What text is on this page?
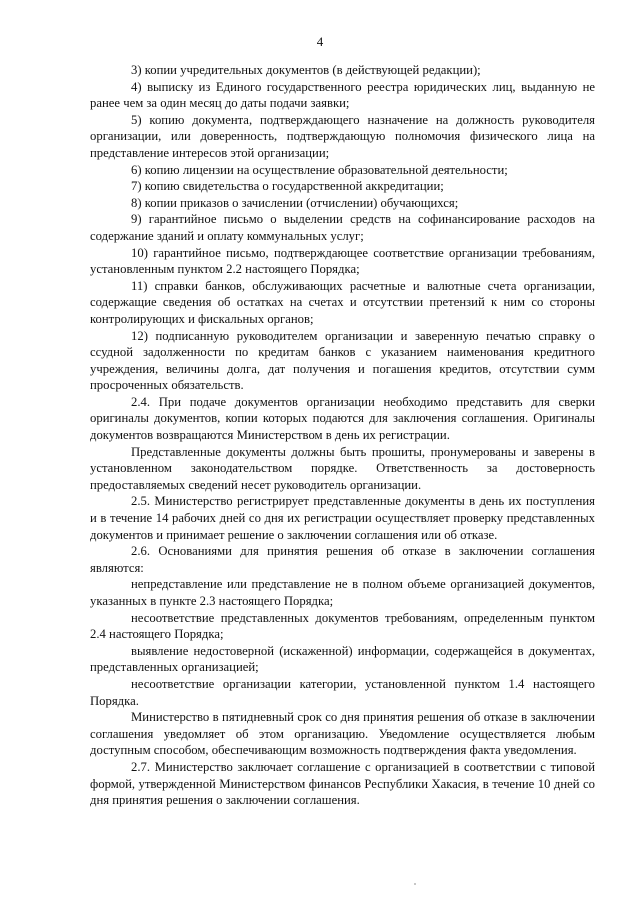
4

3) копии учредительных документов (в действующей редакции);

4) выписку из Единого государственного реестра юридических лиц, выданную не ранее чем за один месяц до даты подачи заявки;

5) копию документа, подтверждающего назначение на должность руководителя организации, или доверенность, подтверждающую полномочия физического лица на представление интересов этой организации;

6) копию лицензии на осуществление образовательной деятельности;

7) копию свидетельства о государственной аккредитации;

8) копии приказов о зачислении (отчислении) обучающихся;

9) гарантийное письмо о выделении средств на софинансирование расходов на содержание зданий и оплату коммунальных услуг;

10) гарантийное письмо, подтверждающее соответствие организации требованиям, установленным пунктом 2.2 настоящего Порядка;

11) справки банков, обслуживающих расчетные и валютные счета организации, содержащие сведения об остатках на счетах и отсутствии претензий к ним со стороны контролирующих и фискальных органов;

12) подписанную руководителем организации и заверенную печатью справку о ссудной задолженности по кредитам банков с указанием наименования кредитного учреждения, величины долга, дат получения и погашения кредитов, отсутствии сумм просроченных обязательств.

2.4. При подаче документов организации необходимо представить для сверки оригиналы документов, копии которых подаются для заключения соглашения. Оригиналы документов возвращаются Министерством в день их регистрации.

Представленные документы должны быть прошиты, пронумерованы и заверены в установленном законодательством порядке. Ответственность за достоверность предоставляемых сведений несет руководитель организации.

2.5. Министерство регистрирует представленные документы в день их поступления и в течение 14 рабочих дней со дня их регистрации осуществляет проверку представленных документов и принимает решение о заключении соглашения или об отказе.

2.6. Основаниями для принятия решения об отказе в заключении соглашения являются:

непредставление или представление не в полном объеме организацией документов, указанных в пункте 2.3 настоящего Порядка;

несоответствие представленных документов требованиям, определенным пунктом 2.4 настоящего Порядка;

выявление недостоверной (искаженной) информации, содержащейся в документах, представленных организацией;

несоответствие организации категории, установленной пунктом 1.4 настоящего Порядка.

Министерство в пятидневный срок со дня принятия решения об отказе в заключении соглашения уведомляет об этом организацию. Уведомление осуществляется любым доступным способом, обеспечивающим возможность подтверждения факта уведомления.

2.7. Министерство заключает соглашение с организацией в соответствии с типовой формой, утвержденной Министерством финансов Республики Хакасия, в течение 10 дней со дня принятия решения о заключении соглашения.
